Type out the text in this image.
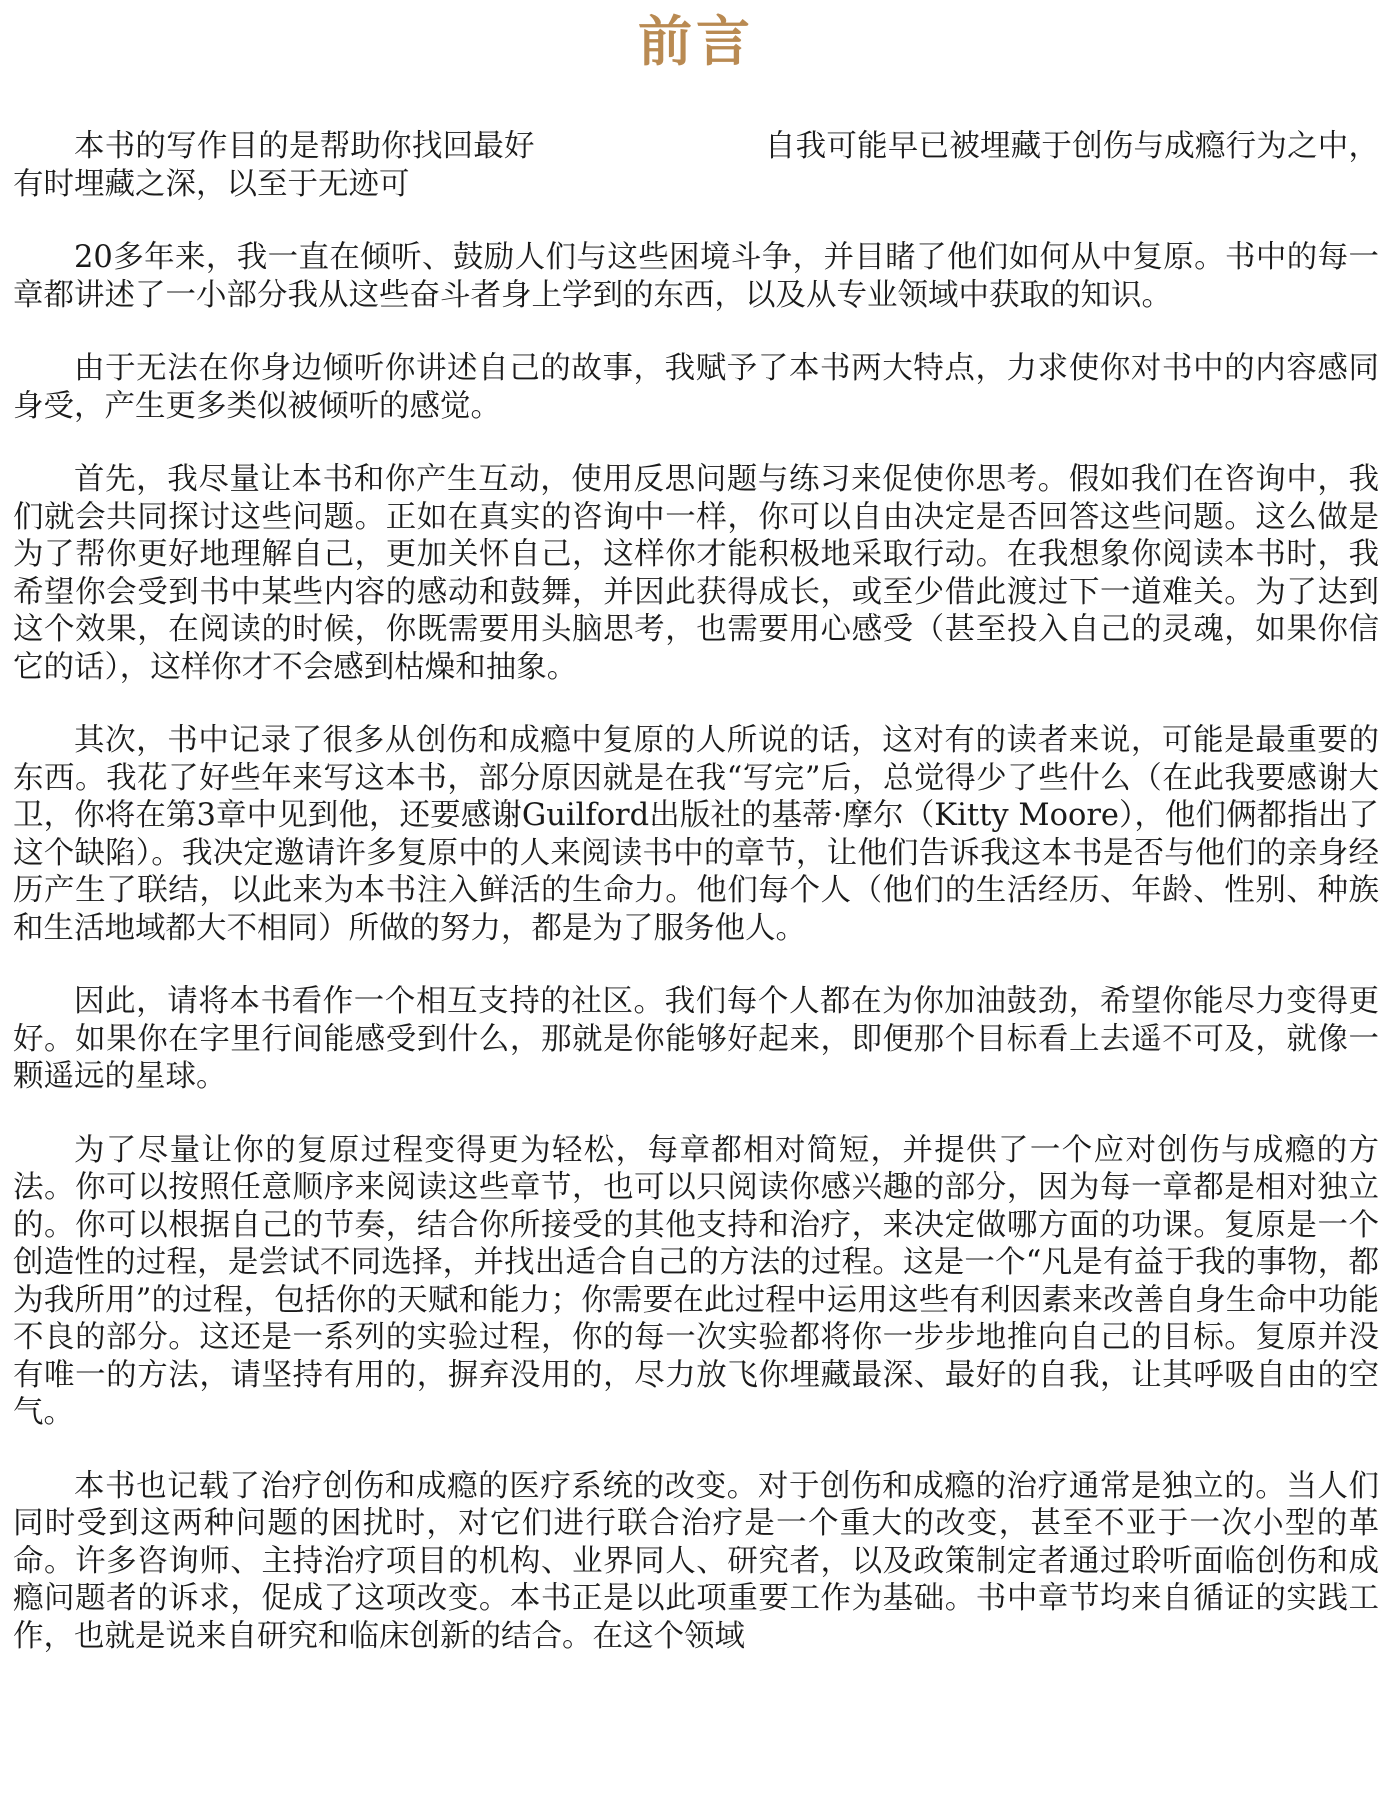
前言

本书的写作目的是帮助你找回最好	自我可能早已被埋藏于创伤与成瘾行为之中，有时埋藏之深，以至于无迹可

20多年来，我一直在倾听、鼓励人们与这些困境斗争，并目睹了他们如何从中复原。书中的每一章都讲述了一小部分我从这些奋斗者身上学到的东西，以及从专业领域中获取的知识。

由于无法在你身边倾听你讲述自己的故事，我赋予了本书两大特点，力求使你对书中的内容感同身受，产生更多类似被倾听的感觉。

首先，我尽量让本书和你产生互动，使用反思问题与练习来促使你思考。假如我们在咨询中，我们就会共同探讨这些问题。正如在真实的咨询中一样，你可以自由决定是否回答这些问题。这么做是为了帮你更好地理解自己，更加关怀自己，这样你才能积极地采取行动。在我想象你阅读本书时，我希望你会受到书中某些内容的感动和鼓舞，并因此获得成长，或至少借此渡过下一道难关。为了达到这个效果，在阅读的时候，你既需要用头脑思考，也需要用心感受（甚至投入自己的灵魂，如果你信它的话），这样你才不会感到枯燥和抽象。

其次，书中记录了很多从创伤和成瘾中复原的人所说的话，这对有的读者来说，可能是最重要的东西。我花了好些年来写这本书，部分原因就是在我“写完”后，总觉得少了些什么（在此我要感谢大卫，你将在第3章中见到他，还要感谢Guilford出版社的基蒂·摩尔（Kitty Moore），他们俩都指出了这个缺陷）。我决定邀请许多复原中的人来阅读书中的章节，让他们告诉我这本书是否与他们的亲身经历产生了联结，以此来为本书注入鲜活的生命力。他们每个人（他们的生活经历、年龄、性别、种族和生活地域都大不相同）所做的努力，都是为了服务他人。

因此，请将本书看作一个相互支持的社区。我们每个人都在为你加油鼓劲，希望你能尽力变得更好。如果你在字里行间能感受到什么，那就是你能够好起来，即便那个目标看上去遥不可及，就像一颗遥远的星球。

为了尽量让你的复原过程变得更为轻松，每章都相对简短，并提供了一个应对创伤与成瘾的方法。你可以按照任意顺序来阅读这些章节，也可以只阅读你感兴趣的部分，因为每一章都是相对独立的。你可以根据自己的节奏，结合你所接受的其他支持和治疗，来决定做哪方面的功课。复原是一个创造性的过程，是尝试不同选择，并找出适合自己的方法的过程。这是一个“凡是有益于我的事物，都为我所用”的过程，包括你的天赋和能力；你需要在此过程中运用这些有利因素来改善自身生命中功能不良的部分。这还是一系列的实验过程，你的每一次实验都将你一步步地推向自己的目标。复原并没有唯一的方法，请坚持有用的，摒弃没用的，尽力放飞你埋藏最深、最好的自我，让其呼吸自由的空气。

本书也记载了治疗创伤和成瘾的医疗系统的改变。对于创伤和成瘾的治疗通常是独立的。当人们同时受到这两种问题的困扰时，对它们进行联合治疗是一个重大的改变，甚至不亚于一次小型的革命。许多咨询师、主持治疗项目的机构、业界同人、研究者，以及政策制定者通过聆听面临创伤和成瘾问题者的诉求，促成了这项改变。本书正是以此项重要工作为基础。书中章节均来自循证的实践工作，也就是说来自研究和临床创新的结合。在这个领域
